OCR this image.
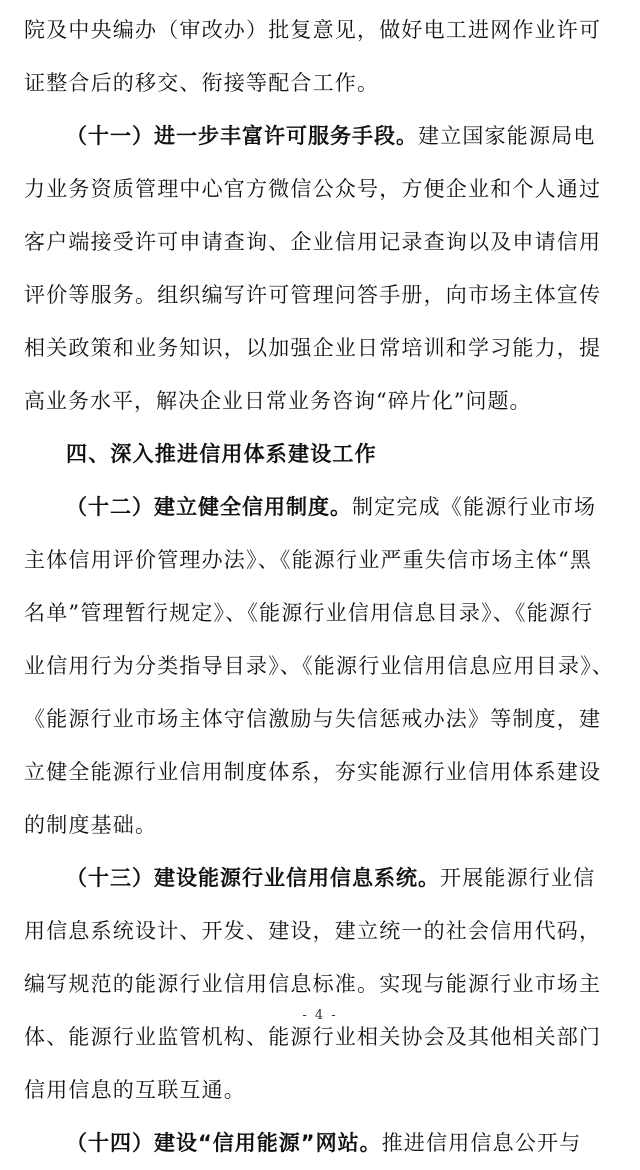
院及中央编办（审改办）批复意见，做好电工进网作业许可
证整合后的移交、衔接等配合工作。
（十一）进一步丰富许可服务手段。建立国家能源局电
力业务资质管理中心官方微信公众号，方便企业和个人通过
客户端接受许可申请查询、企业信用记录查询以及申请信用
评价等服务。组织编写许可管理问答手册，向市场主体宣传
相关政策和业务知识，以加强企业日常培训和学习能力，提
高业务水平，解决企业日常业务咨询“碎片化”问题。
四、深入推进信用体系建设工作
（十二）建立健全信用制度。制定完成《能源行业市场
主体信用评价管理办法》、《能源行业严重失信市场主体“黑
名单”管理暂行规定》、《能源行业信用信息目录》、《能源行
业信用行为分类指导目录》、《能源行业信用信息应用目录》、
《能源行业市场主体守信激励与失信惩戒办法》等制度，建
立健全能源行业信用制度体系，夯实能源行业信用体系建设
的制度基础。
（十三）建设能源行业信用信息系统。开展能源行业信
用信息系统设计、开发、建设，建立统一的社会信用代码，
编写规范的能源行业信用信息标准。实现与能源行业市场主
体、能源行业监管机构、能源行业相关协会及其他相关部门
信用信息的互联互通。
（十四）建设“信用能源”网站。推进信用信息公开与
- 4 -
